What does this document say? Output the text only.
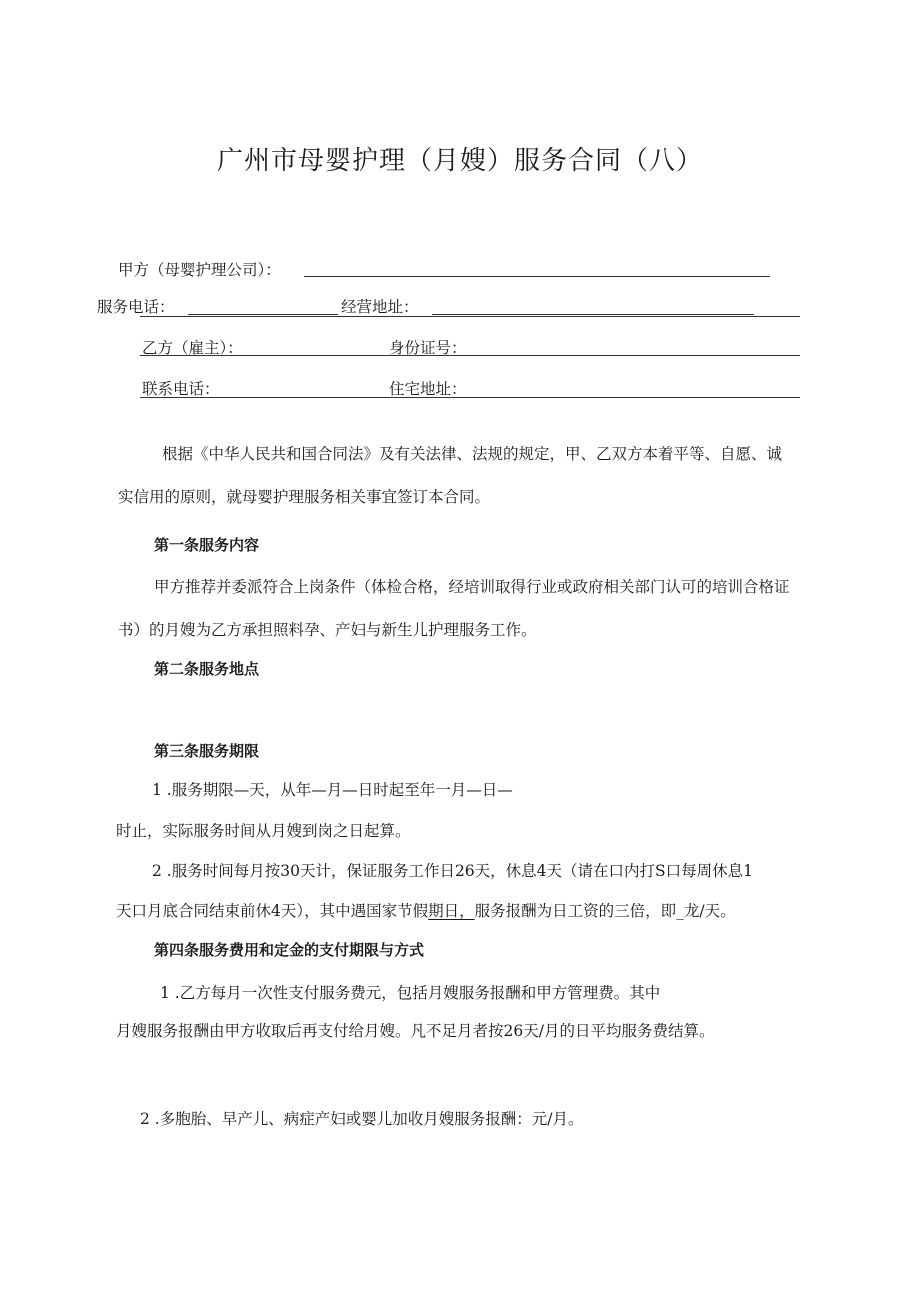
广州市母婴护理（月嫂）服务合同（八）
甲方（母婴护理公司）：
服务电话：	经营地址：
乙方（雇主）：	身份证号：
联系电话：	住宅地址：
根据《中华人民共和国合同法》及有关法律、法规的规定，甲、乙双方本着平等、自愿、诚
实信用的原则，就母婴护理服务相关事宜签订本合同。
第一条服务内容
甲方推荐并委派符合上岗条件（体检合格，经培训取得行业或政府相关部门认可的培训合格证
书）的月嫂为乙方承担照料孕、产妇与新生儿护理服务工作。
第二条服务地点
第三条服务期限
1 .服务期限—天，从年—月—日时起至年一月—日—
时止，实际服务时间从月嫂到岗之日起算。
2 .服务时间每月按30天计，保证服务工作日26天，休息4天（请在口内打S口每周休息1
天口月底合同结束前休4天），其中遇国家节假期日，服务报酬为日工资的三倍，即_龙/天。
第四条服务费用和定金的支付期限与方式
1 .乙方每月一次性支付服务费元，包括月嫂服务报酬和甲方管理费。其中
月嫂服务报酬由甲方收取后再支付给月嫂。凡不足月者按26天/月的日平均服务费结算。
2 .多胞胎、早产儿、病症产妇或婴儿加收月嫂服务报酬：元/月。
